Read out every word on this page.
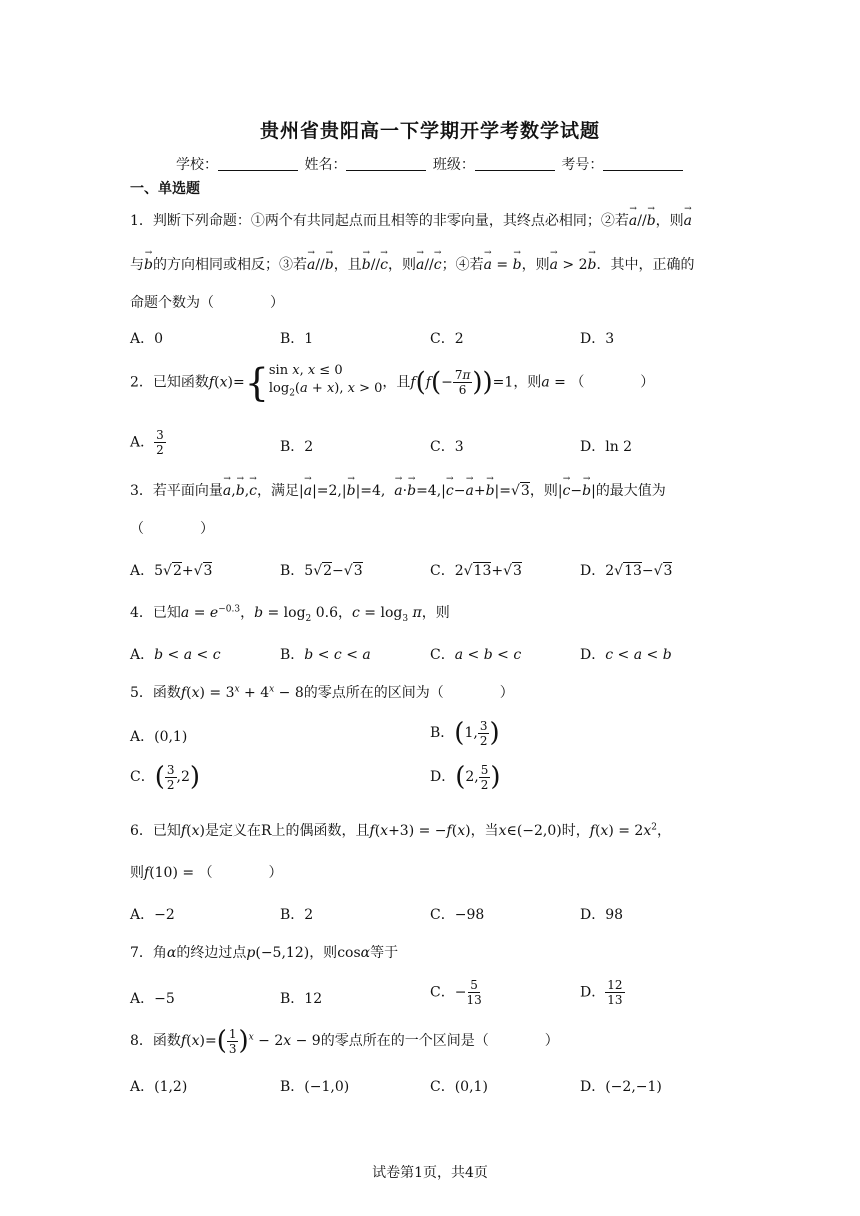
贵州省贵阳高一下学期开学考数学试题
学校：	姓名：	班级：	考号：
一、单选题
1．判断下列命题：①两个有共同起点而且相等的非零向量，其终点必相同；②若→ a//→ b，则→ a
与→ b的方向相同或相反；③若→ a//→ b，且→ b//→ c，则→ a//→ c；④若→ a = → b，则→ a > 2→ b．其中，正确的
命题个数为（　　　　）
A．0	B．1	C．2	D．3
2．已知函数f(x)={ sin x, x ≤ 0
$\log_2(a + x)$, x > 0 ，且$f(f(- \frac{7\pi}{6} ))=1$，则a = （　　　　）
A． $\frac{3}{2}$	B．2	C．3	D．ln 2
3．若平面向量→ a,→ b,→ c，满足|→ a|=2,|→ b|=4,  → a·→ b=4,|→ c−→ a+→ b|=√3，则|→ c−→ b|的最大值为
（　　　　）
A．5√2+√3	B．5√2−√3	C．2√13+√3	D．2√13−√3
4．已知$a = e^{-0.3}$，$b = \log_2 0.6$，$c = \log_3 \pi$，则
A．b < a < c	B．b < c < a	C．a < b < c	D．c < a < b
5．函数$f(x) = 3^x + 4^x - 8$的零点所在的区间为（　　　　）
A．(0,1)	B．(1, $\frac{3}{2}$ )
C．( $\frac{3}{2} ,2$)	D．(2, $\frac{5}{2}$ )
6．已知f(x)是定义在R上的偶函数，且f(x+3) = −f(x)，当x∈(−2,0)时，$f(x) = 2x^2$，
则f(10) = （　　　　）
A．−2	B．2	C．−98	D．98
7．角α的终边过点p(−5,12)，则cosα等于
A．−5	B．12	C．− $\frac{5}{13}$	D． $\frac{12}{13}$
8．函数$f(x)=( \frac{1}{3} )^x - 2x - 9$的零点所在的一个区间是（　　　　）
A．(1,2)	B．(−1,0)	C．(0,1)	D．(−2,−1)
试卷第1页，共4页
